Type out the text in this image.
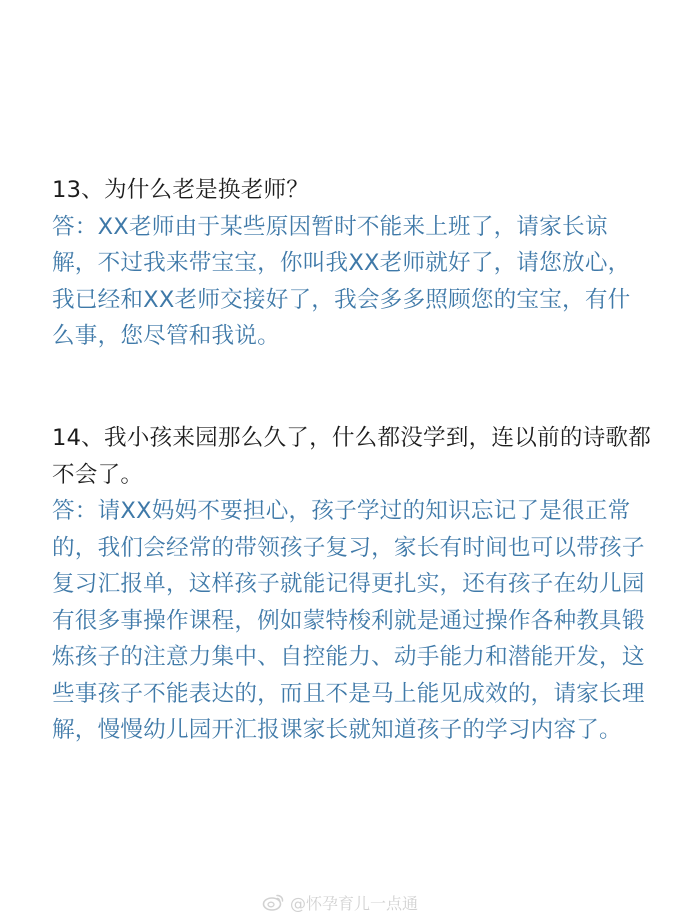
13、为什么老是换老师？

答：XX老师由于某些原因暂时不能来上班了，请家长谅解，不过我来带宝宝，你叫我XX老师就好了，请您放心，我已经和XX老师交接好了，我会多多照顾您的宝宝，有什么事，您尽管和我说。

14、我小孩来园那么久了，什么都没学到，连以前的诗歌都不会了。

答：请XX妈妈不要担心，孩子学过的知识忘记了是很正常的，我们会经常的带领孩子复习，家长有时间也可以带孩子复习汇报单，这样孩子就能记得更扎实，还有孩子在幼儿园有很多事操作课程，例如蒙特梭利就是通过操作各种教具锻炼孩子的注意力集中、自控能力、动手能力和潜能开发，这些事孩子不能表达的，而且不是马上能见成效的，请家长理解，慢慢幼儿园开汇报课家长就知道孩子的学习内容了。

@怀孕育儿一点通
